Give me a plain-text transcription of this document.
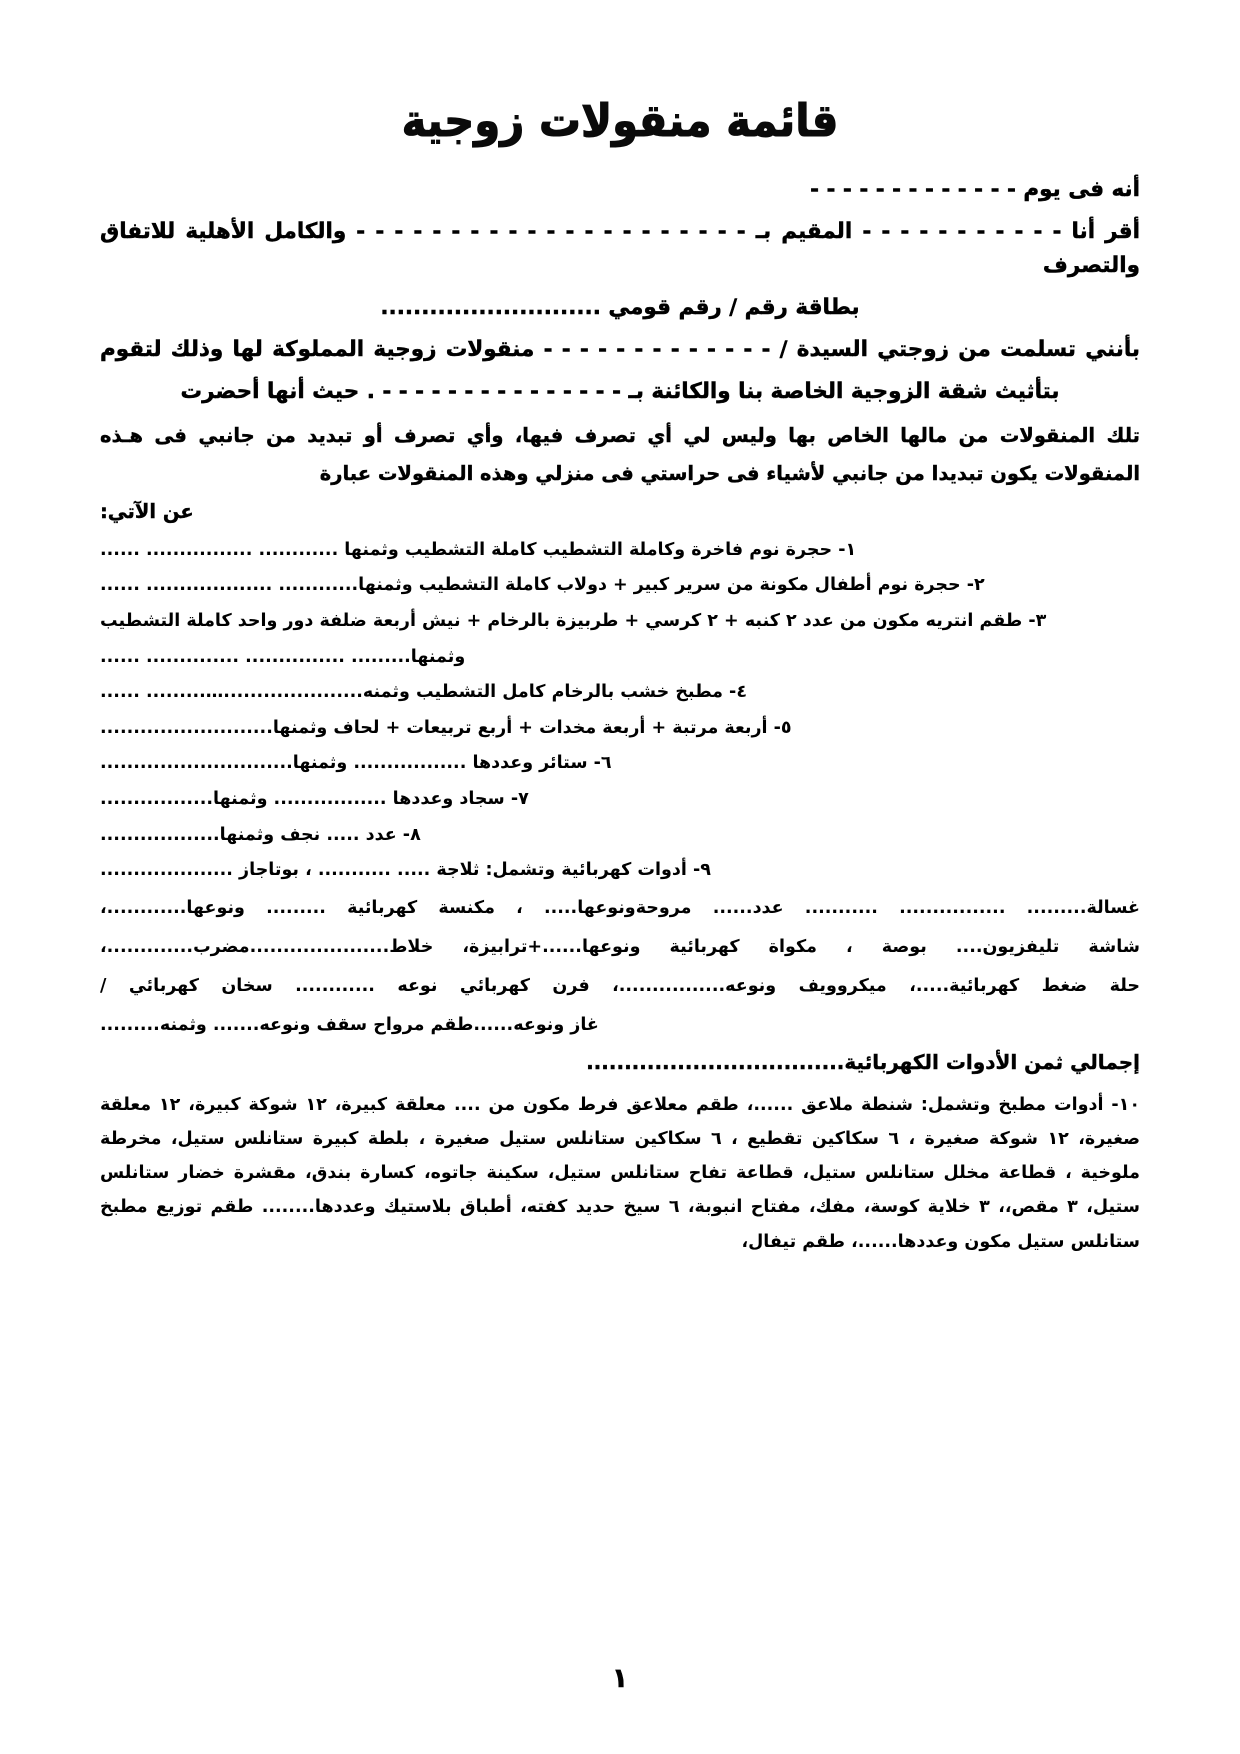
قائمة منقولات زوجية
أنه فى يوم - - - - - - - - - - - - -
أقر أنا - - - - - - - - - - - المقيم بـ - - - - - - - - - - - - - - - - - - - - - والكامل الأهلية للاتفاق والتصرف
بطاقة رقم / رقم قومي ...........................
بأنني تسلمت من زوجتي السيدة / - - - - - - - - - - - - - منقولات زوجية المملوكة لها وذلك لتقوم
بتأثيث شقة الزوجية الخاصة بنا والكائنة بـ - - - - - - - - - - - - - - - . حيث أنها أحضرت

تلك المنقولات من مالها الخاص بها وليس لي أي تصرف فيها، وأي تصرف أو تبديد من جانبي فى هـذه المنقولات يكون تبديدا من جانبي لأشياء فى حراستي فى منزلي وهذه المنقولات عبارة
عن الآتي:

١- حجرة نوم فاخرة وكاملة التشطيب كاملة التشطيب وثمنها ............ ................ ......
٢- حجرة نوم أطفال مكونة من سرير كبير + دولاب كاملة التشطيب وثمنها............ ................... ......
٣- طقم انتريه مكون من عدد ٢ كنبه + ٢ كرسي + طربيزة بالرخام + نيش أربعة ضلفة دور واحد كاملة التشطيب
وثمنها......... ............... .............. ......
٤- مطبخ خشب بالرخام كامل التشطيب وثمنه.....................…......... ......
٥- أربعة مرتبة + أربعة مخدات + أربع تربيعات + لحاف وثمنها..........................
٦- ستائر وعددها ................. وثمنها.............................
٧- سجاد وعددها ................. وثمنها.................
٨- عدد ..... نجف وثمنها..................
٩- أدوات كهربائية وتشمل: ثلاجة ..... ........... ، بوتاجاز ....................
غسالة......... ................ ........... عدد...... مروحةونوعها..... ، مكنسة كهربائية ......... ونوعها............،
شاشة تليفزيون.... بوصة ، مكواة كهربائية ونوعها......+ترابيزة، خلاط.....................مضرب.............،
حلة ضغط كهربائية.....، ميكروويف ونوعه................، فرن كهربائي نوعه ............ سخان كهربائي /
غاز ونوعه......طقم مرواح سقف ونوعه....... وثمنه.........
إجمالي ثمن الأدوات الكهربائية..................................

١٠- أدوات مطبخ وتشمل: شنطة ملاعق ......، طقم معلاعق فرط مكون من .... معلقة كبيرة، ١٢ شوكة كبيرة، ١٢ معلقة صغيرة، ١٢ شوكة صغيرة ، ٦ سكاكين تقطيع ، ٦ سكاكين ستانلس ستيل صغيرة ، بلطة كبيرة ستانلس ستيل، مخرطة ملوخية ، قطاعة مخلل ستانلس ستيل، قطاعة تفاح ستانلس ستيل، سكينة جاتوه، كسارة بندق، مقشرة خضار ستانلس ستيل، ٣ مقص،، ٣ خلاية كوسة، مفك، مفتاح انبوبة، ٦ سيخ حديد كفته، أطباق بلاستيك وعددها........ طقم توزيع مطبخ ستانلس ستيل مكون وعددها......، طقم تيفال،

١
